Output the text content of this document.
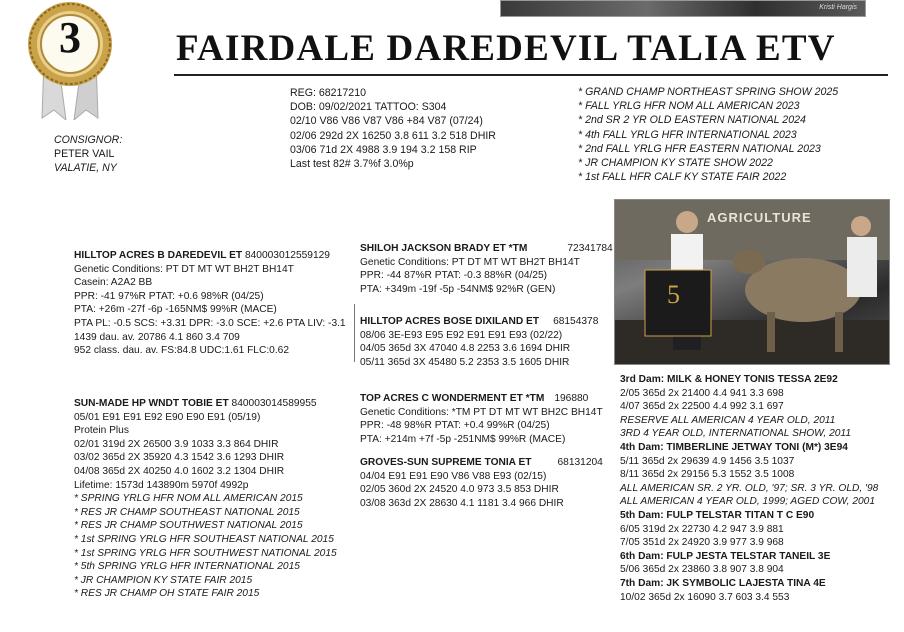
Kristi Hargis
3	FAIRDALE DAREDEVIL TALIA ETV
CONSIGNOR:
PETER VAIL
VALATIE, NY
REG: 68217210
DOB: 09/02/2021 TATTOO: S304
02/10 V86 V86 V87 V86 +84 V87 (07/24)
02/06 292d 2X 16250 3.8 611 3.2 518 DHIR
03/06 71d 2X 4988 3.9 194 3.2 158 RIP
Last test 82# 3.7%f 3.0%p
* GRAND CHAMP NORTHEAST SPRING SHOW 2025
* FALL YRLG HFR NOM ALL AMERICAN 2023
* 2nd SR 2 YR OLD EASTERN NATIONAL 2024
* 4th FALL YRLG HFR INTERNATIONAL 2023
* 2nd FALL YRLG HFR EASTERN NATIONAL 2023
* JR CHAMPION KY STATE SHOW 2022
* 1st FALL HFR CALF KY STATE FAIR 2022
AGRICULTURE
5
HILLTOP ACRES B DAREDEVIL ET 840003012559129
Genetic Conditions: PT DT MT WT BH2T BH14T
Casein: A2A2 BB
PPR: -41 97%R PTAT: +0.6 98%R (04/25)
PTA: +26m -27f -6p -165NM$ 99%R (MACE)
PTA PL: -0.5 SCS: +3.31 DPR: -3.0 SCE: +2.6 PTA LIV: -3.1
1439 dau. av. 20786 4.1 860 3.4 709
952 class. dau. av. FS:84.8 UDC:1.61 FLC:0.62
SHILOH JACKSON BRADY ET *TM	72341784
Genetic Conditions: PT DT MT WT BH2T BH14T
PPR: -44 87%R PTAT: -0.3 88%R (04/25)
PTA: +349m -19f -5p -54NM$ 92%R (GEN)
HILLTOP ACRES BOSE DIXILAND ET 68154378
08/06 3E-E93 E95 E92 E91 E91 E93 (02/22)
04/05 365d 3X 47040 4.8 2253 3.6 1694 DHIR
05/11 365d 3X 45480 5.2 2353 3.5 1605 DHIR
SUN-MADE HP WNDT TOBIE ET 840003014589955
05/01 E91 E91 E92 E90 E90 E91 (05/19)
Protein Plus
02/01 319d 2X 26500 3.9 1033 3.3 864 DHIR
03/02 365d 2X 35920 4.3 1542 3.6 1293 DHIR
04/08 365d 2X 40250 4.0 1602 3.2 1304 DHIR
Lifetime: 1573d 143890m 5970f 4992p
* SPRING YRLG HFR NOM ALL AMERICAN 2015
* RES JR CHAMP SOUTHEAST NATIONAL 2015
* RES JR CHAMP SOUTHWEST NATIONAL 2015
* 1st SPRING YRLG HFR SOUTHEAST NATIONAL 2015
* 1st SPRING YRLG HFR SOUTHWEST NATIONAL 2015
* 5th SPRING YRLG HFR INTERNATIONAL 2015
* JR CHAMPION KY STATE FAIR 2015
* RES JR CHAMP OH STATE FAIR 2015
TOP ACRES C WONDERMENT ET *TM 196880
Genetic Conditions: *TM PT DT MT WT BH2C BH14T
PPR: -48 98%R PTAT: +0.4 99%R (04/25)
PTA: +214m +7f -5p -251NM$ 99%R (MACE)
GROVES-SUN SUPREME TONIA ET	68131204
04/04 E91 E91 E90 V86 V88 E93 (02/15)
02/05 360d 2X 24520 4.0 973 3.5 853 DHIR
03/08 363d 2X 28630 4.1 1181 3.4 966 DHIR
3rd Dam: MILK & HONEY TONIS TESSA 2E92
2/05 365d 2x 21400 4.4 941 3.3 698
4/07 365d 2x 22500 4.4 992 3.1 697
RESERVE ALL AMERICAN 4 YEAR OLD, 2011
3RD 4 YEAR OLD, INTERNATIONAL SHOW, 2011
4th Dam: TIMBERLINE JETWAY TONI (M*) 3E94
5/11 365d 2x 29639 4.9 1456 3.5 1037
8/11 365d 2x 29156 5.3 1552 3.5 1008
ALL AMERICAN SR. 2 YR. OLD, '97; SR. 3 YR. OLD, '98
ALL AMERICAN 4 YEAR OLD, 1999; AGED COW, 2001
5th Dam: FULP TELSTAR TITAN T C E90
6/05 319d 2x 22730 4.2 947 3.9 881
7/05 351d 2x 24920 3.9 977 3.9 968
6th Dam: FULP JESTA TELSTAR TANEIL 3E
5/06 365d 2x 23860 3.8 907 3.8 904
7th Dam: JK SYMBOLIC LAJESTA TINA 4E
10/02 365d 2x 16090 3.7 603 3.4 553
